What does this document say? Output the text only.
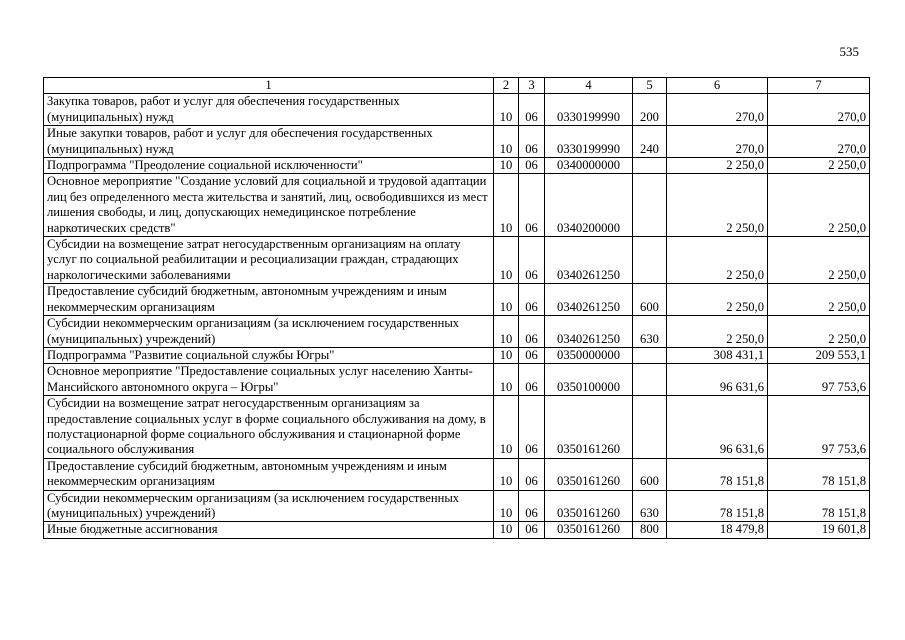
535
1	2	3	4	5	6	7
Закупка товаров, работ и услуг для обеспечения государственных (муниципальных) нужд	10	06	0330199990	200	270,0	270,0
Иные закупки товаров, работ и услуг для обеспечения государственных (муниципальных) нужд	10	06	0330199990	240	270,0	270,0
Подпрограмма "Преодоление социальной исключенности"	10	06	0340000000		2 250,0	2 250,0
Основное мероприятие "Создание условий для социальной и трудовой адаптации лиц без определенного места жительства и занятий, лиц, освободившихся из мест лишения свободы, и лиц, допускающих немедицинское потребление наркотических средств"	10	06	0340200000		2 250,0	2 250,0
Субсидии на возмещение затрат негосударственным организациям на оплату услуг по социальной реабилитации и ресоциализации граждан, страдающих наркологическими заболеваниями	10	06	0340261250		2 250,0	2 250,0
Предоставление субсидий бюджетным, автономным учреждениям и иным некоммерческим организациям	10	06	0340261250	600	2 250,0	2 250,0
Субсидии некоммерческим организациям (за исключением государственных (муниципальных) учреждений)	10	06	0340261250	630	2 250,0	2 250,0
Подпрограмма "Развитие социальной службы Югры"	10	06	0350000000		308 431,1	209 553,1
Основное мероприятие "Предоставление социальных услуг населению Ханты-Мансийского автономного округа – Югры"	10	06	0350100000		96 631,6	97 753,6
Субсидии на возмещение затрат негосударственным организациям за предоставление социальных услуг в форме социального обслуживания на дому, в полустационарной форме социального обслуживания и стационарной форме социального обслуживания	10	06	0350161260		96 631,6	97 753,6
Предоставление субсидий бюджетным, автономным учреждениям и иным некоммерческим организациям	10	06	0350161260	600	78 151,8	78 151,8
Субсидии некоммерческим организациям (за исключением государственных (муниципальных) учреждений)	10	06	0350161260	630	78 151,8	78 151,8
Иные бюджетные ассигнования	10	06	0350161260	800	18 479,8	19 601,8
